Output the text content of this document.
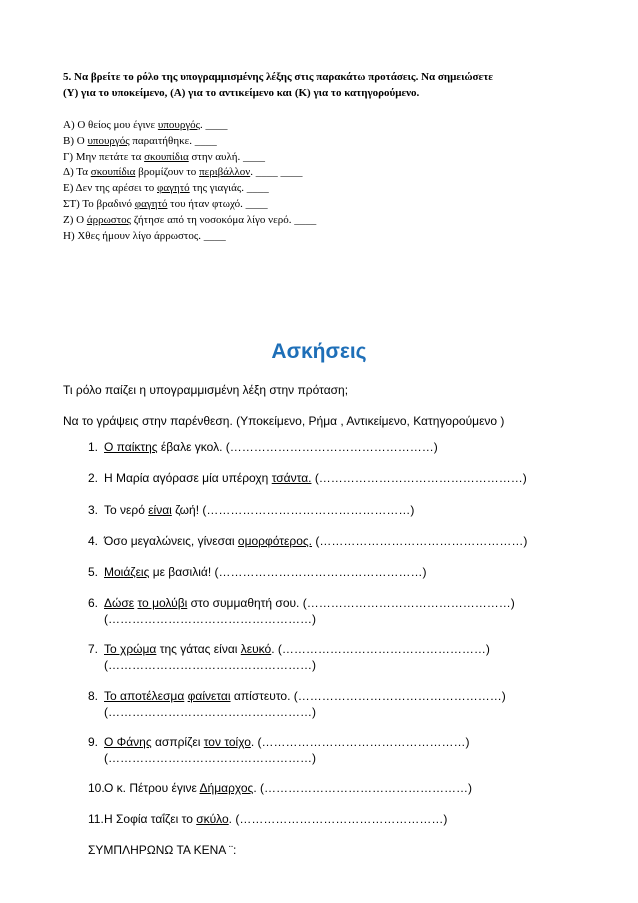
5. Να βρείτε το ρόλο της υπογραμμισμένης λέξης στις παρακάτω προτάσεις. Να σημειώσετε
(Υ) για το υποκείμενο, (Α) για το αντικείμενο και (Κ) για το κατηγορούμενο.
Α) Ο θείος μου έγινε υπουργός. ____
Β) Ο υπουργός παραιτήθηκε. ____
Γ) Μην πετάτε τα σκουπίδια στην αυλή. ____
Δ) Τα σκουπίδια βρομίζουν το περιβάλλον. ____ ____
Ε) Δεν της αρέσει το φαγητό της γιαγιάς. ____
ΣΤ) Το βραδινό φαγητό του ήταν φτωχό. ____
Ζ) Ο άρρωστος ζήτησε από τη νοσοκόμα λίγο νερό. ____
Η) Χθες ήμουν λίγο άρρωστος. ____
Ασκήσεις
Τι ρόλο παίζει η υπογραμμισμένη λέξη στην πρόταση;
Να το γράψεις στην παρένθεση. (Υποκείμενο, Ρήμα , Αντικείμενο, Κατηγορούμενο )
1. Ο παίκτης έβαλε γκολ. (……………………………………………)
2. Η Μαρία αγόρασε μία υπέροχη τσάντα. (……………………………………………)
3. Το νερό είναι ζωή! (……………………………………………)
4. Όσο μεγαλώνεις, γίνεσαι ομορφότερος. (……………………………………………)
5. Μοιάζεις με βασιλιά! (……………………………………………)
6. Δώσε το μολύβι στο συμμαθητή σου. (……………………………………………)
(……………………………………………)
7. Το χρώμα της γάτας είναι λευκό. (……………………………………………)
(……………………………………………)
8. Το αποτέλεσμα φαίνεται απίστευτο. (……………………………………………)
(……………………………………………)
9. Ο Φάνης ασπρίζει τον τοίχο. (……………………………………………)
(……………………………………………)
10.Ο κ. Πέτρου έγινε Δήμαρχος. (……………………………………………)
11.Η Σοφία ταΐζει το σκύλο. (……………………………………………)
ΣΥΜΠΛΗΡΩΝΩ ΤΑ ΚΕΝΑ ¨:
